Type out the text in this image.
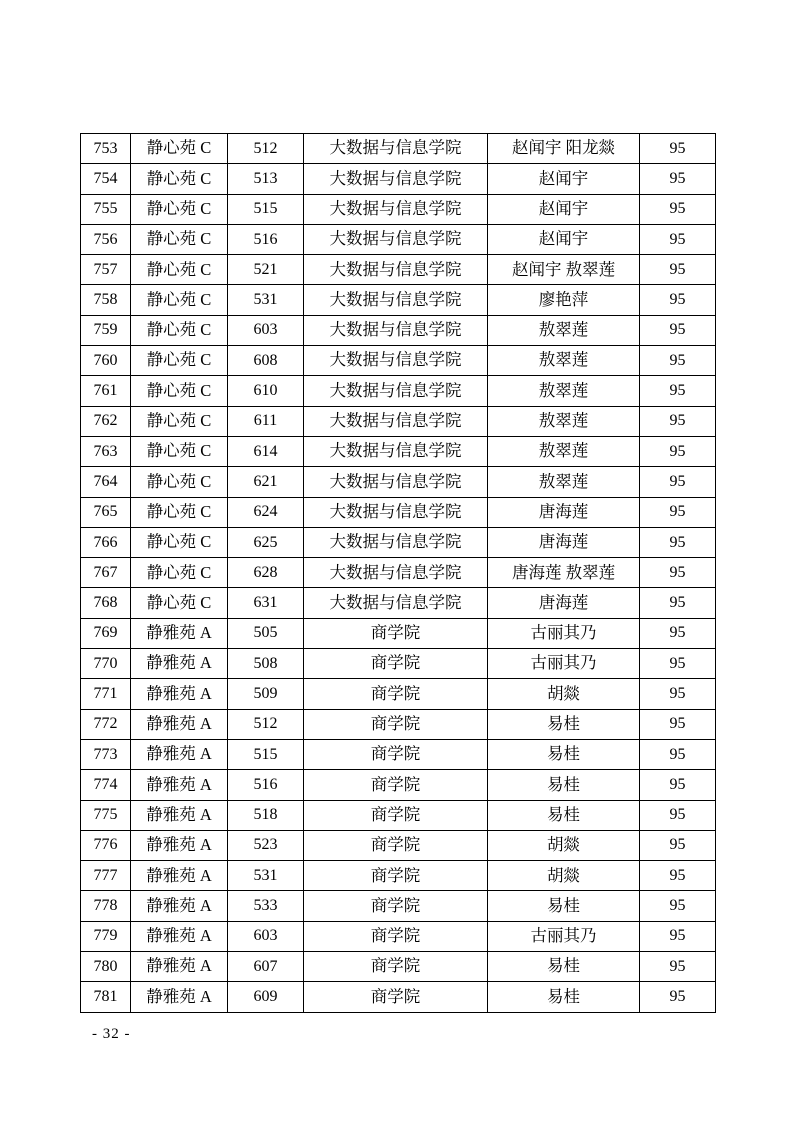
753	静心苑 C	512	大数据与信息学院	赵闻宇 阳龙燚	95
754	静心苑 C	513	大数据与信息学院	赵闻宇	95
755	静心苑 C	515	大数据与信息学院	赵闻宇	95
756	静心苑 C	516	大数据与信息学院	赵闻宇	95
757	静心苑 C	521	大数据与信息学院	赵闻宇 敖翠莲	95
758	静心苑 C	531	大数据与信息学院	廖艳萍	95
759	静心苑 C	603	大数据与信息学院	敖翠莲	95
760	静心苑 C	608	大数据与信息学院	敖翠莲	95
761	静心苑 C	610	大数据与信息学院	敖翠莲	95
762	静心苑 C	611	大数据与信息学院	敖翠莲	95
763	静心苑 C	614	大数据与信息学院	敖翠莲	95
764	静心苑 C	621	大数据与信息学院	敖翠莲	95
765	静心苑 C	624	大数据与信息学院	唐海莲	95
766	静心苑 C	625	大数据与信息学院	唐海莲	95
767	静心苑 C	628	大数据与信息学院	唐海莲 敖翠莲	95
768	静心苑 C	631	大数据与信息学院	唐海莲	95
769	静雅苑 A	505	商学院	古丽其乃	95
770	静雅苑 A	508	商学院	古丽其乃	95
771	静雅苑 A	509	商学院	胡燚	95
772	静雅苑 A	512	商学院	易桂	95
773	静雅苑 A	515	商学院	易桂	95
774	静雅苑 A	516	商学院	易桂	95
775	静雅苑 A	518	商学院	易桂	95
776	静雅苑 A	523	商学院	胡燚	95
777	静雅苑 A	531	商学院	胡燚	95
778	静雅苑 A	533	商学院	易桂	95
779	静雅苑 A	603	商学院	古丽其乃	95
780	静雅苑 A	607	商学院	易桂	95
781	静雅苑 A	609	商学院	易桂	95
- 32 -
